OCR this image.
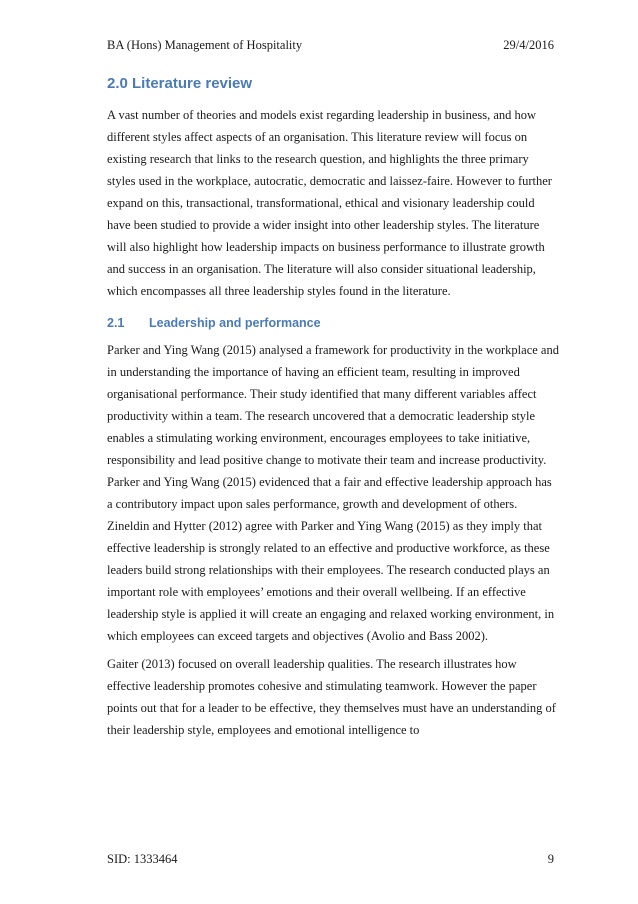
BA (Hons) Management of Hospitality	29/4/2016
2.0 Literature review

A vast number of theories and models exist regarding leadership in business, and how different styles affect aspects of an organisation. This literature review will focus on existing research that links to the research question, and highlights the three primary styles used in the workplace, autocratic, democratic and laissez-faire. However to further expand on this, transactional, transformational, ethical and visionary leadership could have been studied to provide a wider insight into other leadership styles. The literature will also highlight how leadership impacts on business performance to illustrate growth and success in an organisation. The literature will also consider situational leadership, which encompasses all three leadership styles found in the literature.

2.1 Leadership and performance

Parker and Ying Wang (2015) analysed a framework for productivity in the workplace and in understanding the importance of having an efficient team, resulting in improved organisational performance. Their study identified that many different variables affect productivity within a team. The research uncovered that a democratic leadership style enables a stimulating working environment, encourages employees to take initiative, responsibility and lead positive change to motivate their team and increase productivity. Parker and Ying Wang (2015) evidenced that a fair and effective leadership approach has a contributory impact upon sales performance, growth and development of others. Zineldin and Hytter (2012) agree with Parker and Ying Wang (2015) as they imply that effective leadership is strongly related to an effective and productive workforce, as these leaders build strong relationships with their employees. The research conducted plays an important role with employees’ emotions and their overall wellbeing. If an effective leadership style is applied it will create an engaging and relaxed working environment, in which employees can exceed targets and objectives (Avolio and Bass 2002).

Gaiter (2013) focused on overall leadership qualities. The research illustrates how effective leadership promotes cohesive and stimulating teamwork. However the paper points out that for a leader to be effective, they themselves must have an understanding of their leadership style, employees and emotional intelligence to

SID: 1333464	9
